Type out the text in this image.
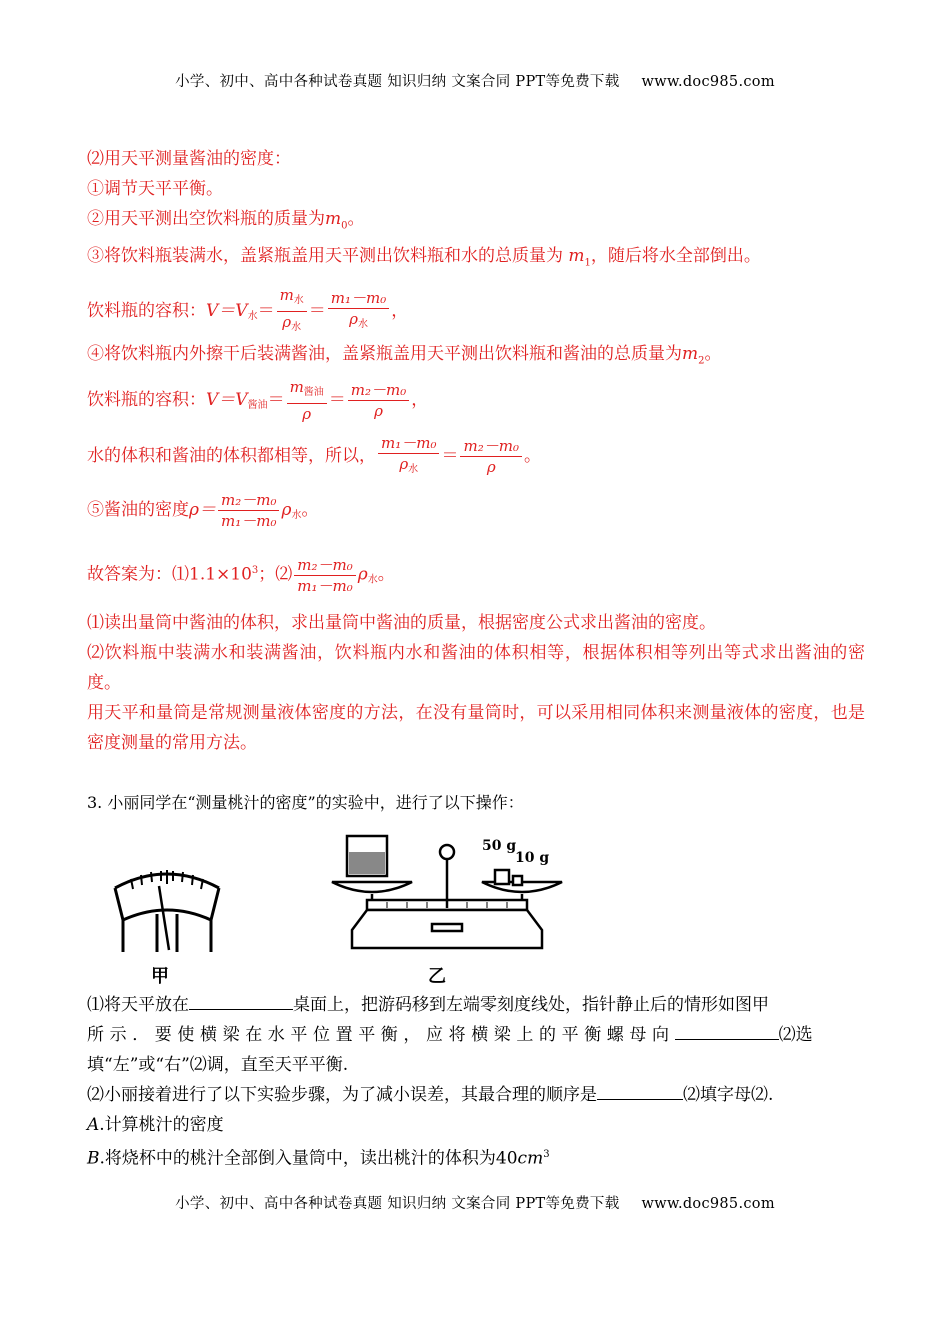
小学、初中、高中各种试卷真题 知识归纳 文案合同 PPT等免费下载 www.doc985.com
⑵用天平测量酱油的密度：
①调节天平平衡。
②用天平测出空饮料瓶的质量为$m_0$。
③将饮料瓶装满水，盖紧瓶盖用天平测出饮料瓶和水的总质量为 $m_1$，随后将水全部倒出。
饮料瓶的容积：V＝V水＝ $\frac{m_水}{\rho_水} = \frac{\text{m₁－m₀}}{\rho_水}$ ，
④将饮料瓶内外擦干后装满酱油，盖紧瓶盖用天平测出饮料瓶和酱油的总质量为$m_2$。
饮料瓶的容积：V＝V酱油＝ $\frac{m_{酱油}}{\rho} = \frac{\text{m₂－m₀}}{\rho}$ ，
水的体积和酱油的体积都相等，所以， $\frac{\text{m₁－m₀}}{\rho_水} = \frac{\text{m₂－m₀}}{\rho}$ 。
⑤酱油的密度$\rho= \frac{\text{m₂－m₀}}{\text{m₁－m₀}}$ ρ水。
故答案为：$⑴1.1\times 10^3$；⑵ $\frac{\text{m₂－m₀}}{\text{m₁－m₀}}$ ρ水。
⑴读出量筒中酱油的体积，求出量筒中酱油的质量，根据密度公式求出酱油的密度。
⑵饮料瓶中装满水和装满酱油，饮料瓶内水和酱油的体积相等，根据体积相等列出等式求出酱油的密度。
用天平和量筒是常规测量液体密度的方法，在没有量筒时，可以采用相同体积来测量液体的密度，也是密度测量的常用方法。
3. 小丽同学在“测量桃汁的密度”的实验中，进行了以下操作：
甲
50 g
10 g
乙
⑴将天平放在	桌面上，把游码移到左端零刻度线处，指针静止后的情形如图甲
所示．要使横梁在水平位置平衡，应将横梁上的平衡螺母向	⑵选
填“左”或“右”⑵调，直至天平平衡.
⑵小丽接着进行了以下实验步骤，为了减小误差，其最合理的顺序是	⑵填字母⑵.
A.计算桃汁的密度
B.将烧杯中的桃汁全部倒入量筒中，读出桃汁的体积为$40cm^3$
小学、初中、高中各种试卷真题 知识归纳 文案合同 PPT等免费下载 www.doc985.com
